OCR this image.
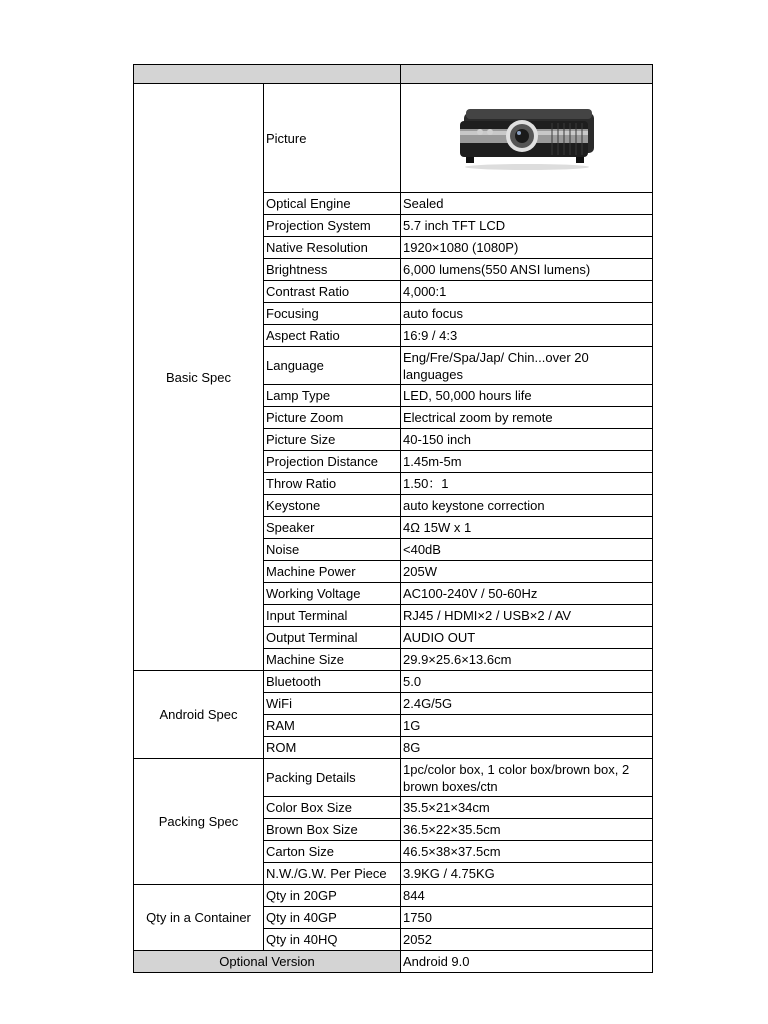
Basic Spec	Picture	

	Optical Engine	Sealed
	Projection System	5.7 inch TFT LCD
	Native Resolution	1920×1080 (1080P)
	Brightness	6,000 lumens(550 ANSI lumens)
	Contrast Ratio	4,000:1
	Focusing	auto focus
	Aspect Ratio	16:9 / 4:3
	Language	Eng/Fre/Spa/Jap/ Chin...over 20 languages
	Lamp Type	LED, 50,000 hours life
	Picture Zoom	Electrical zoom by remote
	Picture Size	40-150 inch
	Projection Distance	1.45m-5m
	Throw Ratio	1.50：1
	Keystone	auto keystone correction
	Speaker	4Ω 15W x 1
	Noise	<40dB
	Machine Power	205W
	Working Voltage	AC100-240V / 50-60Hz
	Input Terminal	RJ45 / HDMI×2 / USB×2 / AV
	Output Terminal	AUDIO OUT
	Machine Size	29.9×25.6×13.6cm
Android Spec	Bluetooth	5.0
	WiFi	2.4G/5G
	RAM	1G
	ROM	8G
Packing Spec	Packing Details	1pc/color box, 1 color box/brown box, 2 brown boxes/ctn
	Color Box Size	35.5×21×34cm
	Brown Box Size	36.5×22×35.5cm
	Carton Size	46.5×38×37.5cm
	N.W./G.W. Per Piece	3.9KG / 4.75KG
Qty in a Container	Qty in 20GP	844
	Qty in 40GP	1750
	Qty in 40HQ	2052
Optional Version		Android 9.0
